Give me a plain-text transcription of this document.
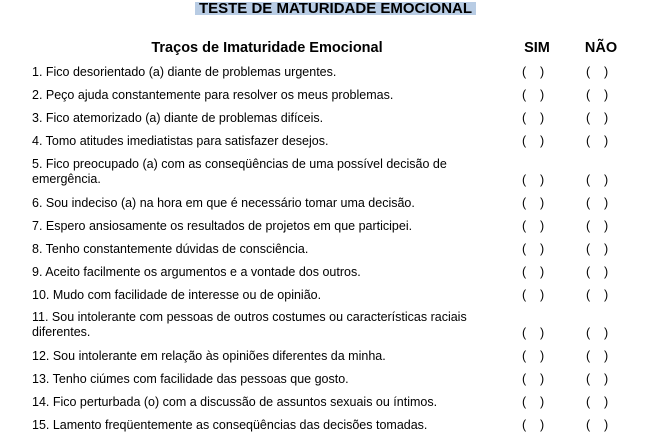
TESTE DE MATURIDADE EMOCIONAL
Traços de Imaturidade Emocional	SIM NÃO
1. Fico desorientado (a) diante de problemas urgentes.	(    )	(    )
2. Peço ajuda constantemente para resolver os meus problemas.	(    )	(    )
3. Fico atemorizado (a) diante de problemas difíceis.	(    )	(    )
4. Tomo atitudes imediatistas para satisfazer desejos.	(    )	(    )
5. Fico preocupado (a) com as conseqüências de uma possível decisão de emergência.	(    )	(    )
6. Sou indeciso (a) na hora em que é necessário tomar uma decisão.	(    )	(    )
7. Espero ansiosamente os resultados de projetos em que participei.	(    )	(    )
8. Tenho constantemente dúvidas de consciência.	(    )	(    )
9. Aceito facilmente os argumentos e a vontade dos outros.	(    )	(    )
10. Mudo com facilidade de interesse ou de opinião.	(    )	(    )
11. Sou intolerante com pessoas de outros costumes ou características raciais diferentes.	(    )	(    )
12. Sou intolerante em relação às opiniões diferentes da minha.	(    )	(    )
13. Tenho ciúmes com facilidade das pessoas que gosto.	(    )	(    )
14. Fico perturbada (o) com a discussão de assuntos sexuais ou íntimos.	(    )	(    )
15. Lamento freqüentemente as conseqüências das decisões tomadas.	(    )	(    )
